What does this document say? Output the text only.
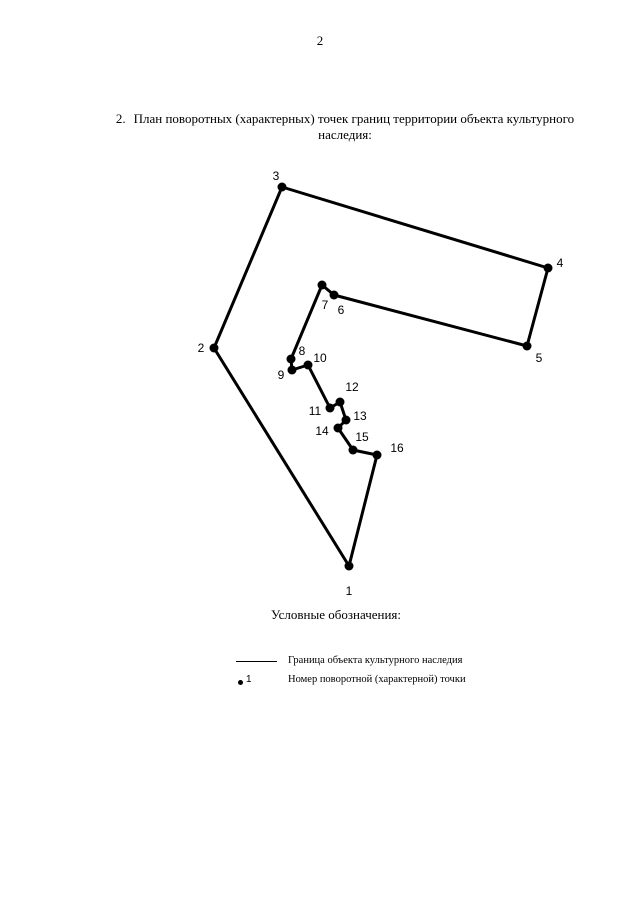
2
2. План поворотных (характерных) точек границ территории объекта культурного
наследия:
1
2
3
4
5
6
7
8
9
10
11
12
13
14 15
16
Условные обозначения:
Граница объекта культурного наследия
1	Номер поворотной (характерной) точки
